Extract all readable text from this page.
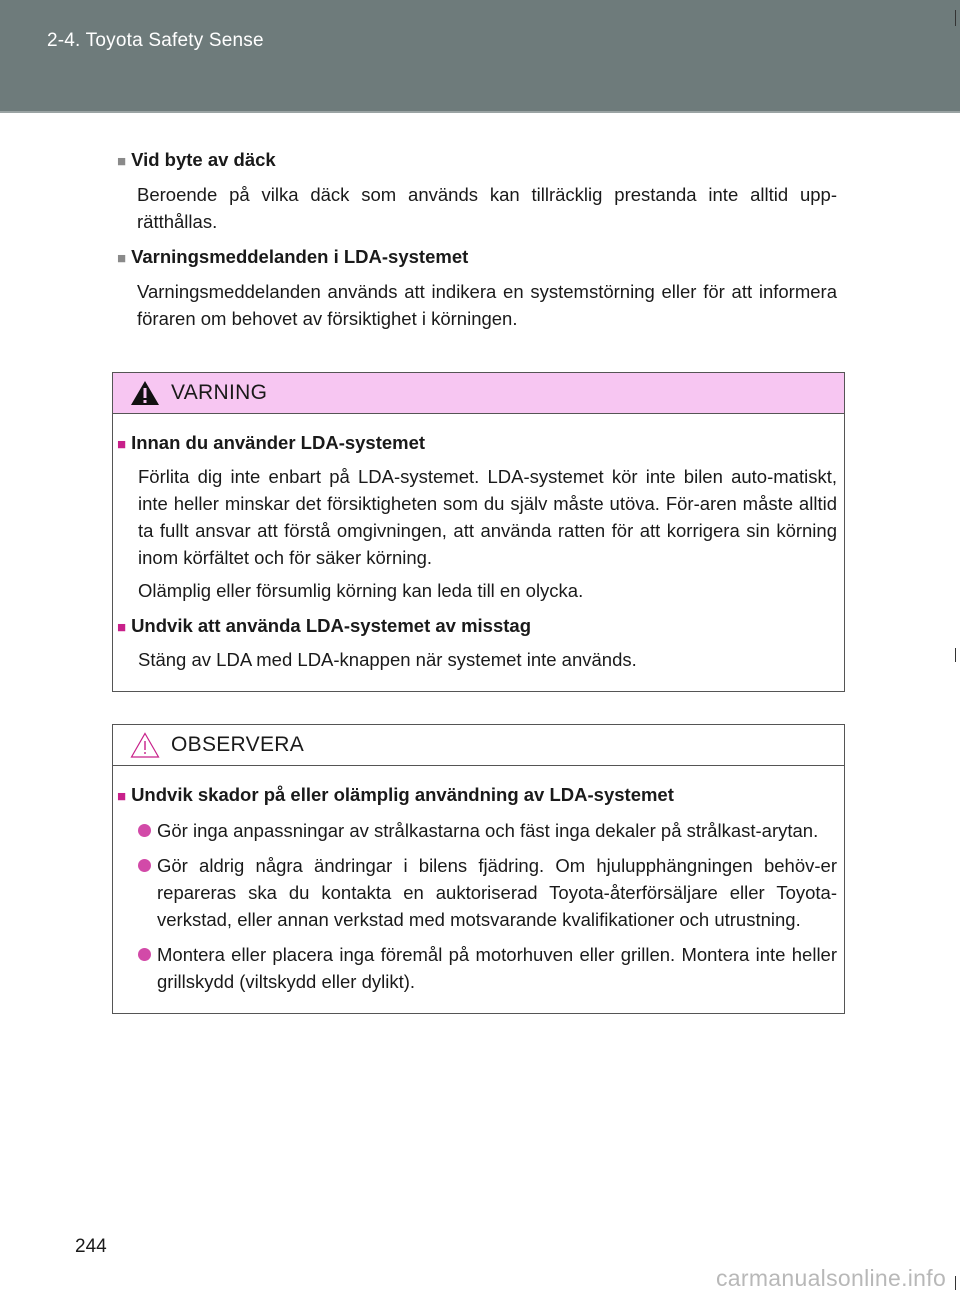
2-4. Toyota Safety Sense
■ Vid byte av däck
Beroende på vilka däck som används kan tillräcklig prestanda inte alltid upp-rätthållas.
■ Varningsmeddelanden i LDA-systemet
Varningsmeddelanden används att indikera en systemstörning eller för att informera föraren om behovet av försiktighet i körningen.
VARNING
■ Innan du använder LDA-systemet
Förlita dig inte enbart på LDA-systemet. LDA-systemet kör inte bilen auto-matiskt, inte heller minskar det försiktigheten som du själv måste utöva. För-aren måste alltid ta fullt ansvar att förstå omgivningen, att använda ratten för att korrigera sin körning inom körfältet och för säker körning.
Olämplig eller försumlig körning kan leda till en olycka.
■ Undvik att använda LDA-systemet av misstag
Stäng av LDA med LDA-knappen när systemet inte används.
OBSERVERA
■ Undvik skador på eller olämplig användning av LDA-systemet
Gör inga anpassningar av strålkastarna och fäst inga dekaler på strålkast-arytan.
Gör aldrig några ändringar i bilens fjädring. Om hjulupphängningen behöv-er repareras ska du kontakta en auktoriserad Toyota-återförsäljare eller Toyota-verkstad, eller annan verkstad med motsvarande kvalifikationer och utrustning.
Montera eller placera inga föremål på motorhuven eller grillen. Montera inte heller grillskydd (viltskydd eller dylikt).
244
carmanualsonline.info
